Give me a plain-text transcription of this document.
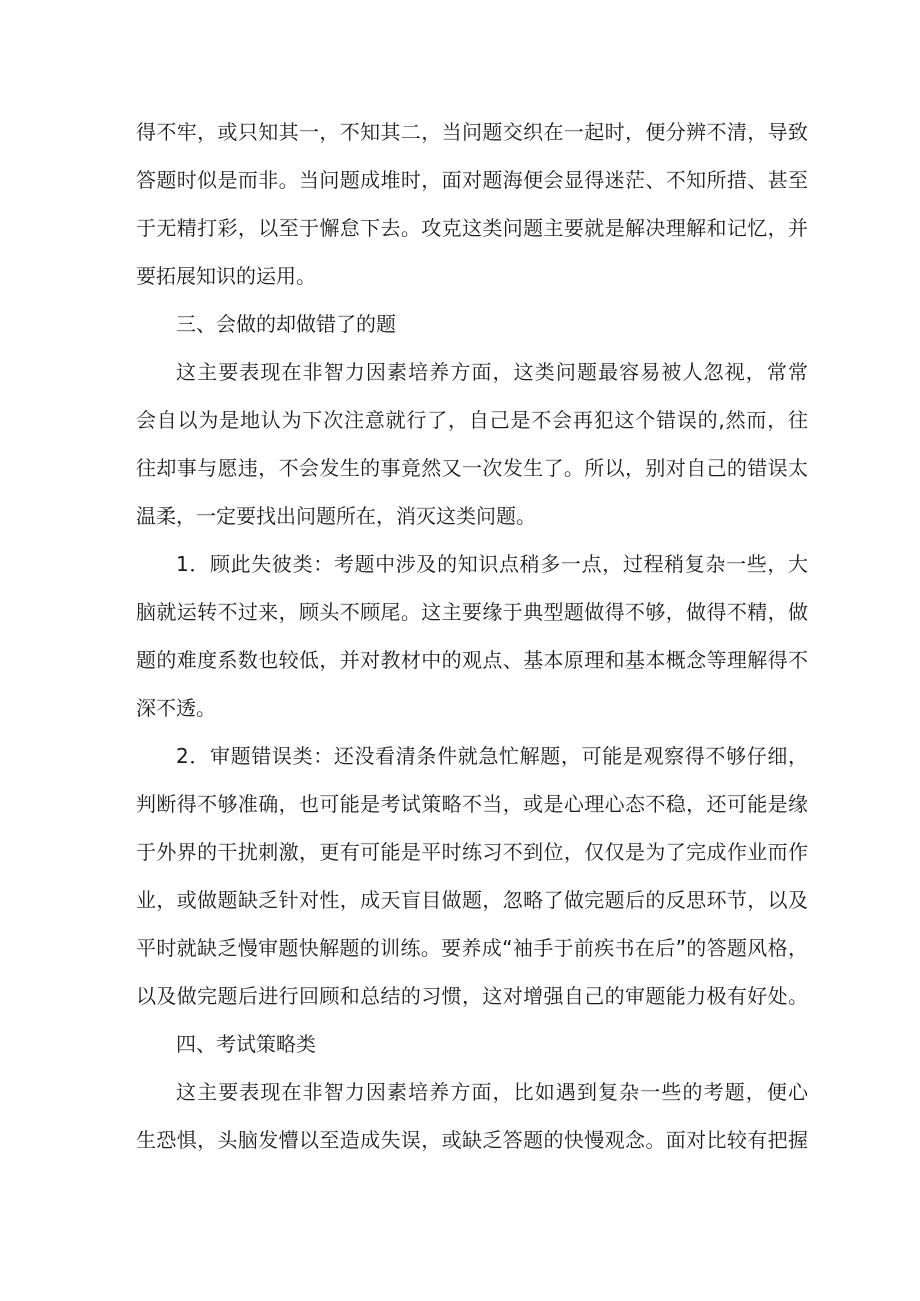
得不牢，或只知其一，不知其二，当问题交织在一起时，便分辨不清，导致
答题时似是而非。当问题成堆时，面对题海便会显得迷茫、不知所措、甚至
于无精打彩，以至于懈怠下去。攻克这类问题主要就是解决理解和记忆，并
要拓展知识的运用。
三、会做的却做错了的题
这主要表现在非智力因素培养方面，这类问题最容易被人忽视，常常
会自以为是地认为下次注意就行了，自己是不会再犯这个错误的,然而，往
往却事与愿违，不会发生的事竟然又一次发生了。所以，别对自己的错误太
温柔，一定要找出问题所在，消灭这类问题。
1．顾此失彼类：考题中涉及的知识点稍多一点，过程稍复杂一些，大
脑就运转不过来，顾头不顾尾。这主要缘于典型题做得不够，做得不精，做
题的难度系数也较低，并对教材中的观点、基本原理和基本概念等理解得不
深不透。
2．审题错误类：还没看清条件就急忙解题，可能是观察得不够仔细，
判断得不够准确，也可能是考试策略不当，或是心理心态不稳，还可能是缘
于外界的干扰刺激，更有可能是平时练习不到位，仅仅是为了完成作业而作
业，或做题缺乏针对性，成天盲目做题，忽略了做完题后的反思环节，以及
平时就缺乏慢审题快解题的训练。要养成“袖手于前疾书在后”的答题风格，
以及做完题后进行回顾和总结的习惯，这对增强自己的审题能力极有好处。
四、考试策略类
这主要表现在非智力因素培养方面，比如遇到复杂一些的考题，便心
生恐惧，头脑发懵以至造成失误，或缺乏答题的快慢观念。面对比较有把握
